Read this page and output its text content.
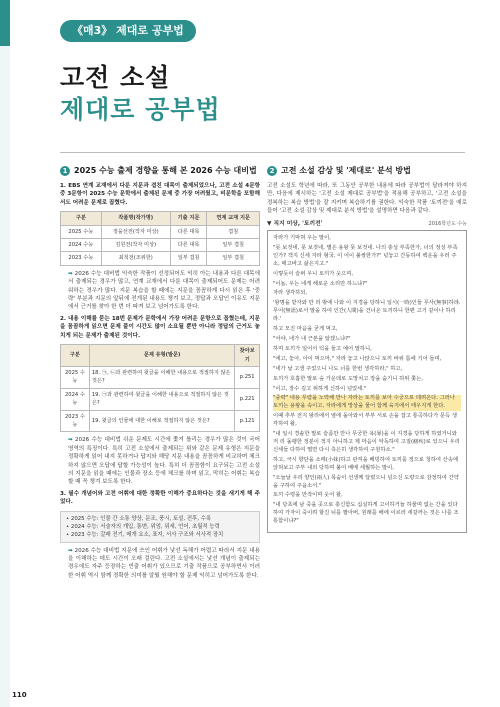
《매3》 제대로 공부법
고전 소설
제대로 공부법
1 2025 수능 출제 경향을 통해 본 2026 수능 대비법
1. EBS 연계 교재에서 다룬 지문과 겹친 대목이 출제되었으나, 고전 소설 4문항 중 3문항이 2025 수능 문학에서 출제된 문제 중 가장 어려웠고, 비문학을 포함해서도 어려운 문제로 꼽혔다.
구분	작품명(작가명)	기출 지문	연계 교재 지문
2025 수능	정을선전(작자 미상)	다른 대목	겹침
2024 수능	김원전(작자 미상)	다른 대목	일부 겹침
2023 수능	최척전(조위한)	일부 겹침	일부 겹침
➡ 2026 수능 대비법 익숙한 작품이 선정되어도 익히 아는 내용과 다른 대목에서 출제되는 경우가 많고, 연계 교재에서 다룬 대목이 출제되어도 문제는 어려워하는 경우가 많다. 지문 복습을 할 때에는 지문을 꼼꼼하게 다시 읽은 후 '중략' 부분과 지문의 앞뒤에 전개된 내용도 챙겨 보고, 정답과 오답인 이유도 지문에서 근거를 찾아 한 번 더 따져 보고 넘어가도록 한다.
2. 내용 이해를 묻는 18번 문제가 문학에서 가장 어려운 문항으로 꼽혔는데, 지문을 꼼꼼하게 읽으면 문제 풀이 시간도 많이 소요될 뿐만 아니라 정답의 근거도 놓치게 되는 문제가 출제된 것이다.
구분	문제 유형(발문)	찾아보기
2025 수능	18. ㉠, ㉡과 관련하여 윗글을 이해한 내용으로 적절하지 않은 것은?	p.251
2024 수능	19. ㉠과 관련하여 윗글을 이해한 내용으로 적절하지 않은 것은?	p.221
2023 수능	19. 윗글의 인물에 대한 이해로 적절하지 않은 것은?	p.121
➡ 2026 수능 대비법 쉬운 문제도 시간에 쫓겨 틀리는 경우가 많은 것이 국어 영역의 특징이다. 특히 고전 소설에서 출제되는 위와 같은 문제 유형은 지문을 정확하게 읽어 내지 못하거나 답지와 해당 지문 내용을 꼼꼼하게 비교하며 체크하지 않으면 오답에 답할 가능성이 높다. 특히 더 꼼꼼함이 요구되는 고전 소설의 지문을 읽을 때에는 인물과 장소 등에 체크를 하며 읽고, 막히는 어휘는 복습할 때 꼭 챙겨 보도록 한다.
3. 필수 개념어와 고전 어휘에 대한 정확한 이해가 중요하다는 것을 새기게 해 주었다.
• 2025 수능: 인물 간 소통 양상, 문조, 풍시, 토설, 전후, 수록
• 2024 수능: 서술자의 개입, 통변, 위엄, 위세, 언어, 초월적 능력
• 2023 수능: 갈래 전기, 매개 요소, 표지, 서사 구조와 서사적 장치
➡ 2026 수능 대비법 지문에 쓰인 어휘가 낯선 독해가 어렵고 따라서 지문 내용을 이해하는 데도 시간이 오래 걸린다. 고전 소설에서는 낯선 개념이 출제되는 경우에도 자주 등장하는 빈출 어휘가 있으므로 기출 작품으로 공부하면서 이러한 어휘 역시 함께 정확한 의미를 알뒀 원해야 할 문제 익히고 넘어가도록 한다.
2 고전 소설 감상 및 '제대로' 분석 방법
고전 소설도 학년에 따라, 또 그동안 공부한 내용에 따라 공부법이 달라져야 하지만, 다음에 제시하는 '고전 소설 제대로 공부법'을 적용해 공부하고, '고전 소설을 정복하는 복습 방법'을 잘 지키며 복습하기를 권한다. 익숙한 작품 '토끼전'을 예로 들어 '고전 소설 감상 및 제대로 분석 방법'을 설명하면 다음과 같다.
▼ 직지 미상, '토끼전'	2016학년도 수능

자라가 기막혀 우는 말이,

"못 보것네, 못 보것네, 별은 용왕 못 보것네. 나의 충성 부족한가, 너의 정성 부족인가? 객지 신세 자라 형국, 이 어이 불쌍한가?" 넋놓고 간동하여 백운을 우러 주소, 매고바고 삶은지고."

이렇듯이 슬퍼 우니 토끼가 웃으며,

"이놈, 우는 네게 해로운 소리만 하느냐?"

자라 생각하되,

'왕명을 받자와 만 리 밖에 나와 이 지경을 당하니 일시(一時)인들 무사(無事)하랴. 무어(無語)로서 말을 하여 인간(人間)을 건너온 토끼하니 한편 고기 같이나 하리라.'

하고 모진 마음을 굳게 먹고,

"어야, 네가 내 근본을 알겠느냐?"

하며 토끼가 일어서 턱을 들고 예어 말하니,

"에고, 놓아, 아이 먹으마," 자라 놓고 나앉으니 토끼 바위 틈에 기어 들며,

"네가 날 고생 주었으니 나도 너를 한번 생각하라," 하고,

토끼가 호홉한 말로 숲 가운데로 도망치고 장을 숨기니 허위 쫓는,

"이고, 장수 깊고 위하게 신하이 넘었세."

"중략" 내용 무렴을 노력해 만나 자라는 토끼를 보아 수궁으로 데려온다. 그러나 토끼는 용왕을 속이고, 자라에게 망상을 물어 함께 육지에서 태우지게 한다.

이때 추부 전지 왕리에서 옆에 돌아와서 부부 서로 손을 잡고 통곡하다가 문득 생각하여 왈,

"내 일시 경솔한 말로 슬픔만 만나 무궁한 욕(辱)을 이 지경을 당하게 하였거니와 저 리 돌팽한 정분이 적지 아니하고 제 마음이 악독하여 고질(痼疾)로 있으니 우리 신세들 다하여 떨면 다시 측은히 생각하여 구원하소."

하고, 극시 향단을 소매(小妹)하고 관직을 베빙하여 토끼를 정으로 청하여 산속에 앉혀보고 주부 내외 당하며 불어 베메 세월하는 말이,

"오늘날 우리 양인(兩人) 목숨이 선생께 달렸으니 넘으신 도량으로 감정하여 간약을 구하여 주옵소서."

토끼 수령을 만작이며 웃어 왈,

"내 당초에 남 죽을 곳으로 충신함도 십실하게 고이하거늘 하물며 없는 간을 있다 하여 가자이 죽이려 할진 뉘를 팔아버, 원래를 배에 이르러 세갈까는 것은 나를 조롱함이냐?"

110
